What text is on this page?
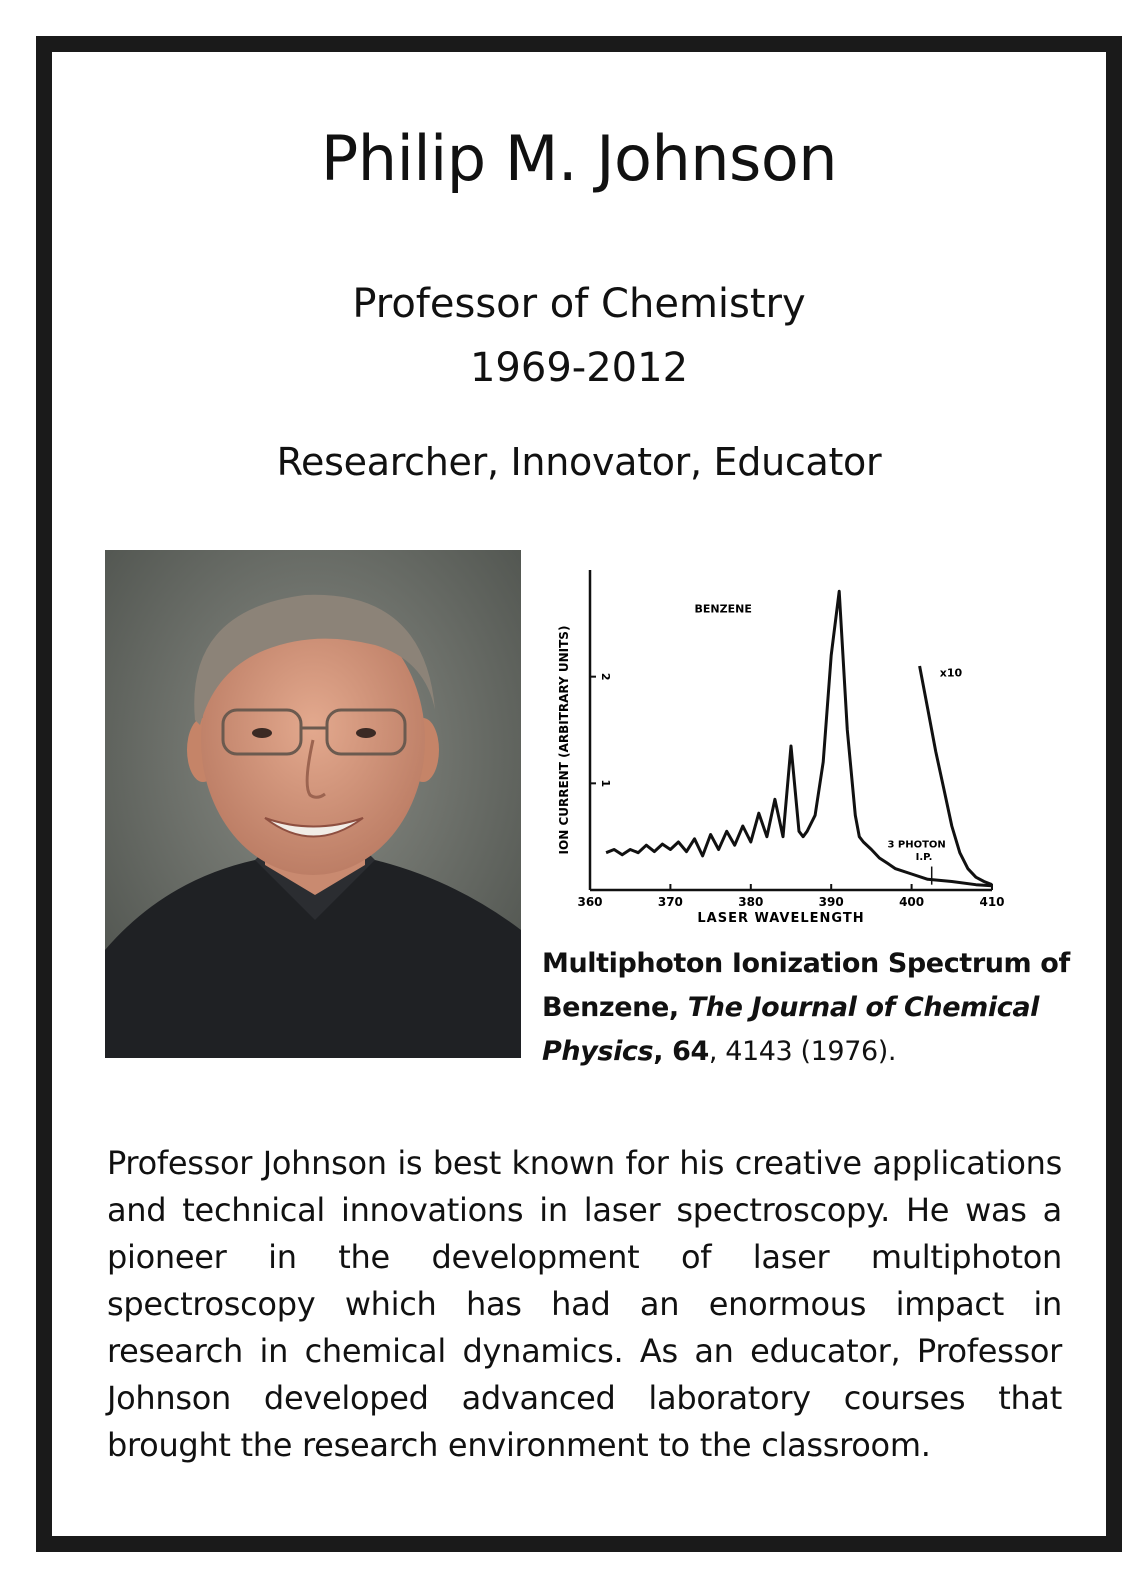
Philip M. Johnson
Professor of Chemistry
1969-2012
Researcher, Innovator, Educator
360	370	380	390	400	410
1
2
LASER WAVELENGTH
ION CURRENT (ARBITRARY UNITS)
BENZENE
x10
3 PHOTON
I.P.
Multiphoton Ionization Spectrum of Benzene, The Journal of Chemical Physics, 64, 4143 (1976).
Professor Johnson is best known for his creative applications and technical innovations in laser spectroscopy. He was a pioneer in the development of laser multiphoton spectroscopy which has had an enormous impact in research in chemical dynamics. As an educator, Professor Johnson developed advanced laboratory courses that brought the research environment to the classroom.
